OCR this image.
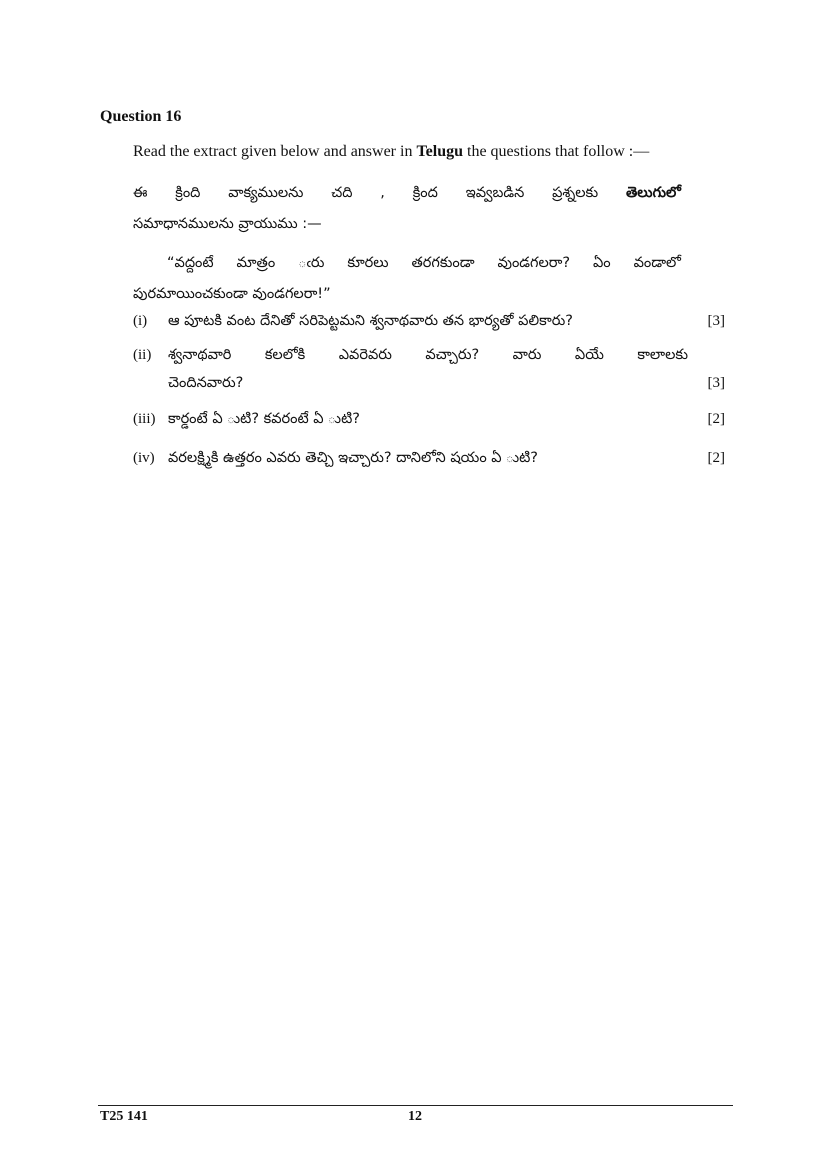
Question 16
Read the extract given below and answer in Telugu the questions that follow :—
ఈ క్రింది వాక్యములను చది , క్రింద ఇవ్వబడిన ప్రశ్నలకు తెలుగులో
సమాధానములను వ్రాయుము :—
“వద్దంటే మాత్రం ఁరు కూరలు తరగకుండా వుండగలరా? ఏం వండాలో
పురమాయించకుండా వుండగలరా!”
(i) ఆ పూటకి వంట దేనితో సరిపెట్టమని శ్వనాథవారు తన భార్యతో పలికారు?	[3]
(ii) శ్వనాథవారి కలలోకి ఎవరెవరు వచ్చారు? వారు ఏయే కాలాలకు
చెందినవారు?	[3]
(iii) కార్డంటే ఏ ుటి? కవరంటే ఏ ుటి?	[2]
(iv) వరలక్ష్మికి ఉత్తరం ఎవరు తెచ్చి ఇచ్చారు? దానిలోని షయం ఏ ుటి?	[2]
T25 141	12
